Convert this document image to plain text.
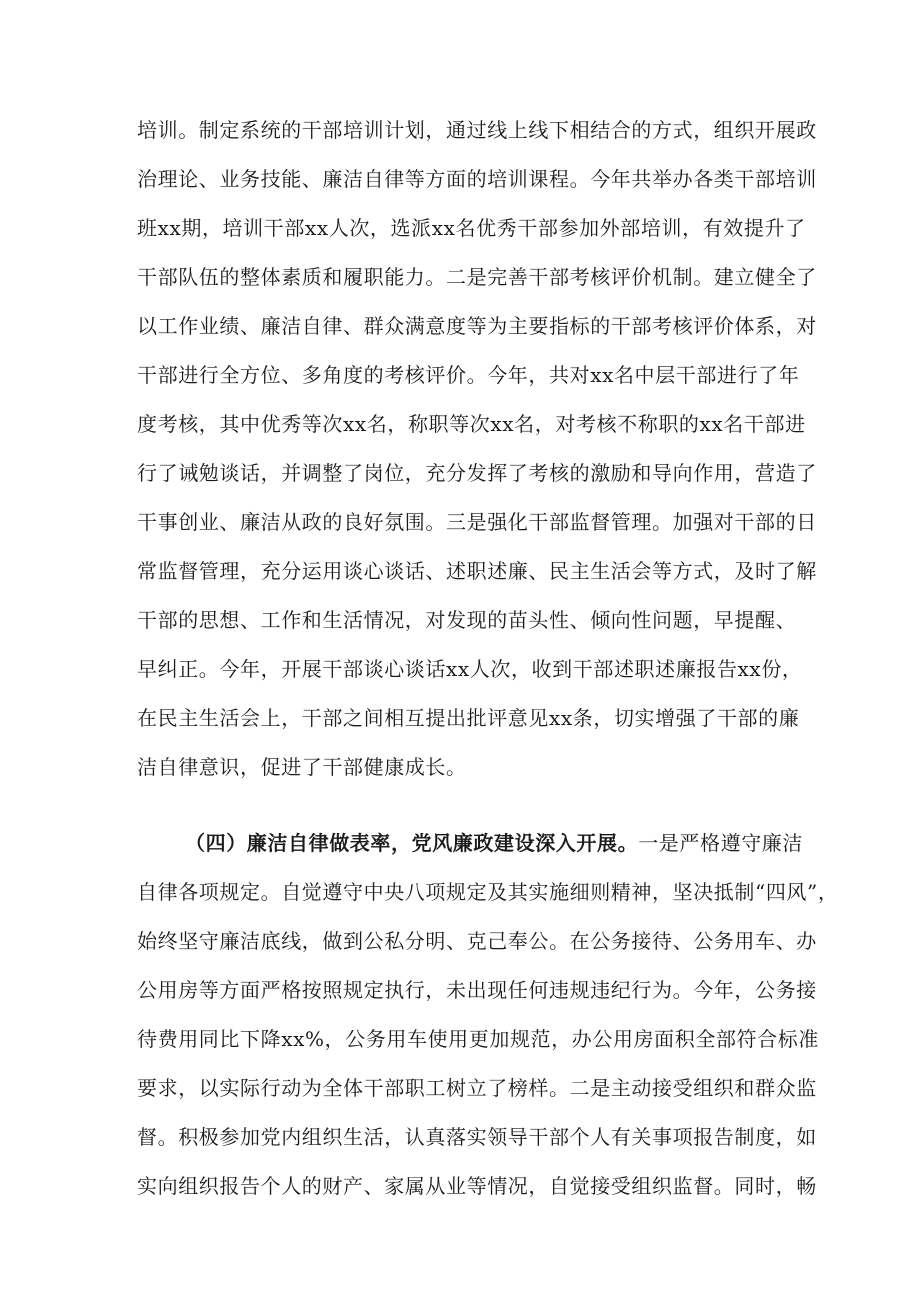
培训。制定系统的干部培训计划，通过线上线下相结合的方式，组织开展政
治理论、业务技能、廉洁自律等方面的培训课程。今年共举办各类干部培训
班xx期，培训干部xx人次，选派xx名优秀干部参加外部培训，有效提升了
干部队伍的整体素质和履职能力。二是完善干部考核评价机制。建立健全了
以工作业绩、廉洁自律、群众满意度等为主要指标的干部考核评价体系，对
干部进行全方位、多角度的考核评价。今年，共对xx名中层干部进行了年
度考核，其中优秀等次xx名，称职等次xx名，对考核不称职的xx名干部进
行了诫勉谈话，并调整了岗位，充分发挥了考核的激励和导向作用，营造了
干事创业、廉洁从政的良好氛围。三是强化干部监督管理。加强对干部的日
常监督管理，充分运用谈心谈话、述职述廉、民主生活会等方式，及时了解
干部的思想、工作和生活情况，对发现的苗头性、倾向性问题，早提醒、
早纠正。今年，开展干部谈心谈话xx人次，收到干部述职述廉报告xx份，
在民主生活会上，干部之间相互提出批评意见xx条，切实增强了干部的廉
洁自律意识，促进了干部健康成长。
（四）廉洁自律做表率，党风廉政建设深入开展。一是严格遵守廉洁
自律各项规定。自觉遵守中央八项规定及其实施细则精神，坚决抵制“四风”，
始终坚守廉洁底线，做到公私分明、克己奉公。在公务接待、公务用车、办
公用房等方面严格按照规定执行，未出现任何违规违纪行为。今年，公务接
待费用同比下降xx%，公务用车使用更加规范，办公用房面积全部符合标准
要求，以实际行动为全体干部职工树立了榜样。二是主动接受组织和群众监
督。积极参加党内组织生活，认真落实领导干部个人有关事项报告制度，如
实向组织报告个人的财产、家属从业等情况，自觉接受组织监督。同时，畅
